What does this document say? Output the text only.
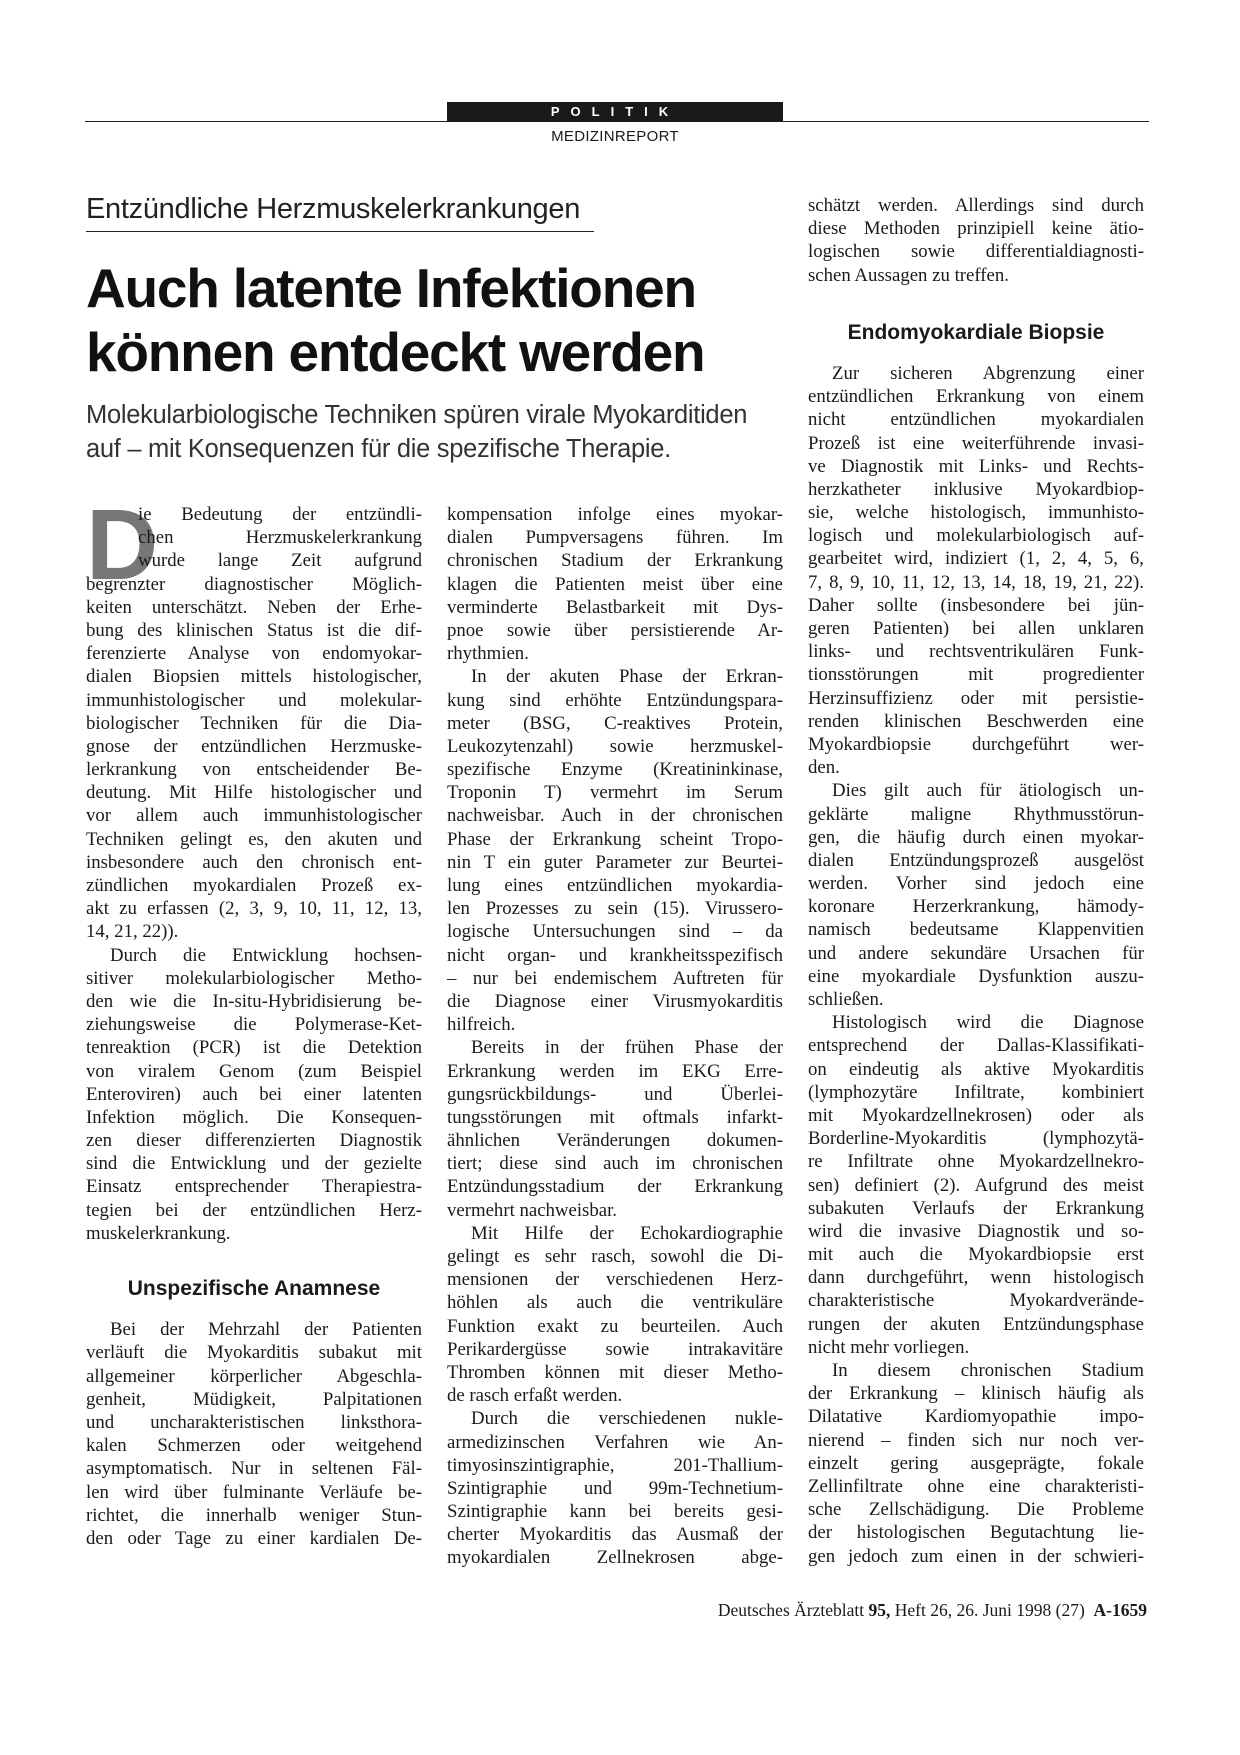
POLITIK
MEDIZINREPORT
Entzündliche Herzmuskelerkrankungen
Auch latente Infektionen
können entdeckt werden

Molekularbiologische Techniken spüren virale Myokarditiden
auf – mit Konsequenzen für die spezifische Therapie.

D
ie Bedeutung der entzündli-
chen Herzmuskelerkrankung
wurde lange Zeit aufgrund
begrenzter diagnostischer Möglich-
keiten unterschätzt. Neben der Erhe-
bung des klinischen Status ist die dif-
ferenzierte Analyse von endomyokar-
dialen Biopsien mittels histologischer,
immunhistologischer und molekular-
biologischer Techniken für die Dia-
gnose der entzündlichen Herzmuske-
lerkrankung von entscheidender Be-
deutung. Mit Hilfe histologischer und
vor allem auch immunhistologischer
Techniken gelingt es, den akuten und
insbesondere auch den chronisch ent-
zündlichen myokardialen Prozeß ex-
akt zu erfassen (2, 3, 9, 10, 11, 12, 13,
14, 21, 22)).
Durch die Entwicklung hochsen-
sitiver molekularbiologischer Metho-
den wie die In-situ-Hybridisierung be-
ziehungsweise die Polymerase-Ket-
tenreaktion (PCR) ist die Detektion
von viralem Genom (zum Beispiel
Enteroviren) auch bei einer latenten
Infektion möglich. Die Konsequen-
zen dieser differenzierten Diagnostik
sind die Entwicklung und der gezielte
Einsatz entsprechender Therapiestra-
tegien bei der entzündlichen Herz-
muskelerkrankung.
Unspezifische Anamnese
Bei der Mehrzahl der Patienten
verläuft die Myokarditis subakut mit
allgemeiner körperlicher Abgeschla-
genheit, Müdigkeit, Palpitationen
und uncharakteristischen linksthora-
kalen Schmerzen oder weitgehend
asymptomatisch. Nur in seltenen Fäl-
len wird über fulminante Verläufe be-
richtet, die innerhalb weniger Stun-
den oder Tage zu einer kardialen De-
kompensation infolge eines myokar-
dialen Pumpversagens führen. Im
chronischen Stadium der Erkrankung
klagen die Patienten meist über eine
verminderte Belastbarkeit mit Dys-
pnoe sowie über persistierende Ar-
rhythmien.
In der akuten Phase der Erkran-
kung sind erhöhte Entzündungspara-
meter (BSG, C-reaktives Protein,
Leukozytenzahl) sowie herzmuskel-
spezifische Enzyme (Kreatininkinase,
Troponin T) vermehrt im Serum
nachweisbar. Auch in der chronischen
Phase der Erkrankung scheint Tropo-
nin T ein guter Parameter zur Beurtei-
lung eines entzündlichen myokardia-
len Prozesses zu sein (15). Virussero-
logische Untersuchungen sind – da
nicht organ- und krankheitsspezifisch
– nur bei endemischem Auftreten für
die Diagnose einer Virusmyokarditis
hilfreich.
Bereits in der frühen Phase der
Erkrankung werden im EKG Erre-
gungsrückbildungs- und Überlei-
tungsstörungen mit oftmals infarkt-
ähnlichen Veränderungen dokumen-
tiert; diese sind auch im chronischen
Entzündungsstadium der Erkrankung
vermehrt nachweisbar.
Mit Hilfe der Echokardiographie
gelingt es sehr rasch, sowohl die Di-
mensionen der verschiedenen Herz-
höhlen als auch die ventrikuläre
Funktion exakt zu beurteilen. Auch
Perikardergüsse sowie intrakavitäre
Thromben können mit dieser Metho-
de rasch erfaßt werden.
Durch die verschiedenen nukle-
armedizinschen Verfahren wie An-
timyosinszintigraphie, 201-Thallium-
Szintigraphie und 99m-Technetium-
Szintigraphie kann bei bereits gesi-
cherter Myokarditis das Ausmaß der
myokardialen Zellnekrosen abge-
schätzt werden. Allerdings sind durch
diese Methoden prinzipiell keine ätio-
logischen sowie differentialdiagnosti-
schen Aussagen zu treffen.
Endomyokardiale Biopsie
Zur sicheren Abgrenzung einer
entzündlichen Erkrankung von einem
nicht entzündlichen myokardialen
Prozeß ist eine weiterführende invasi-
ve Diagnostik mit Links- und Rechts-
herzkatheter inklusive Myokardbiop-
sie, welche histologisch, immunhisto-
logisch und molekularbiologisch auf-
gearbeitet wird, indiziert (1, 2, 4, 5, 6,
7, 8, 9, 10, 11, 12, 13, 14, 18, 19, 21, 22).
Daher sollte (insbesondere bei jün-
geren Patienten) bei allen unklaren
links- und rechtsventrikulären Funk-
tionsstörungen mit progredienter
Herzinsuffizienz oder mit persistie-
renden klinischen Beschwerden eine
Myokardbiopsie durchgeführt wer-
den.
Dies gilt auch für ätiologisch un-
geklärte maligne Rhythmusstörun-
gen, die häufig durch einen myokar-
dialen Entzündungsprozeß ausgelöst
werden. Vorher sind jedoch eine
koronare Herzerkrankung, hämody-
namisch bedeutsame Klappenvitien
und andere sekundäre Ursachen für
eine myokardiale Dysfunktion auszu-
schließen.
Histologisch wird die Diagnose
entsprechend der Dallas-Klassifikati-
on eindeutig als aktive Myokarditis
(lymphozytäre Infiltrate, kombiniert
mit Myokardzellnekrosen) oder als
Borderline-Myokarditis (lymphozytä-
re Infiltrate ohne Myokardzellnekro-
sen) definiert (2). Aufgrund des meist
subakuten Verlaufs der Erkrankung
wird die invasive Diagnostik und so-
mit auch die Myokardbiopsie erst
dann durchgeführt, wenn histologisch
charakteristische Myokardverände-
rungen der akuten Entzündungsphase
nicht mehr vorliegen.
In diesem chronischen Stadium
der Erkrankung – klinisch häufig als
Dilatative Kardiomyopathie impo-
nierend – finden sich nur noch ver-
einzelt gering ausgeprägte, fokale
Zellinfiltrate ohne eine charakteristi-
sche Zellschädigung. Die Probleme
der histologischen Begutachtung lie-
gen jedoch zum einen in der schwieri-
Deutsches Ärzteblatt 95, Heft 26, 26. Juni 1998 (27) A-1659
